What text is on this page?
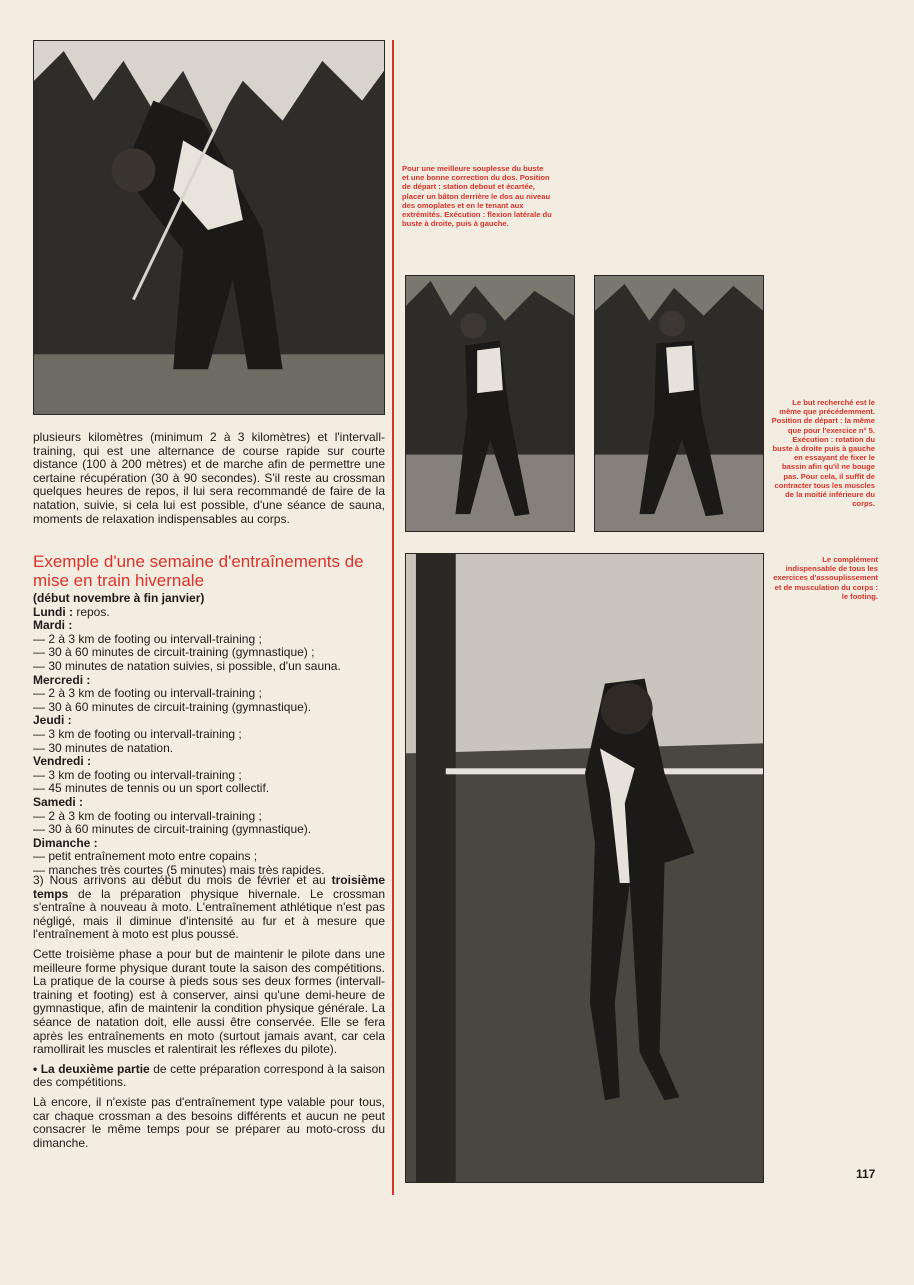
Pour une meilleure souplesse du buste et une bonne correction du dos. Position de départ : station debout et écartée, placer un bâton derrière le dos au niveau des omoplates et en le tenant aux extrémités. Exécution : flexion latérale du buste à droite, puis à gauche.
Le but recherché est le même que précédemment. Position de départ : la même que pour l'exercice n° 5. Exécution : rotation du buste à droite puis à gauche en essayant de fixer le bassin afin qu'il ne bouge pas. Pour cela, il suffit de contracter tous les muscles de la moitié inférieure du corps.
Le complément indispensable de tous les exercices d'assouplissement et de musculation du corps : le footing.
plusieurs kilomètres (minimum 2 à 3 kilomètres) et l'intervall-training, qui est une alternance de course rapide sur courte distance (100 à 200 mètres) et de marche afin de permettre une certaine récupération (30 à 90 secondes). S'il reste au crossman quelques heures de repos, il lui sera recommandé de faire de la natation, suivie, si cela lui est possible, d'une séance de sauna, moments de relaxation indispensables au corps.
Exemple d'une semaine d'entraînements de mise en train hivernale

(début novembre à fin janvier)

Lundi : repos.

Mardi :

— 2 à 3 km de footing ou intervall-training ;

— 30 à 60 minutes de circuit-training (gymnastique) ;

— 30 minutes de natation suivies, si possible, d'un sauna.

Mercredi :

— 2 à 3 km de footing ou intervall-training ;

— 30 à 60 minutes de circuit-training (gymnastique).

Jeudi :

— 3 km de footing ou intervall-training ;

— 30 minutes de natation.

Vendredi :

— 3 km de footing ou intervall-training ;

— 45 minutes de tennis ou un sport collectif.

Samedi :

— 2 à 3 km de footing ou intervall-training ;

— 30 à 60 minutes de circuit-training (gymnastique).

Dimanche :

— petit entraînement moto entre copains ;

— manches très courtes (5 minutes) mais très rapides.

3) Nous arrivons au début du mois de février et au troisième temps de la préparation physique hivernale. Le crossman s'entraîne à nouveau à moto. L'entraînement athlétique n'est pas négligé, mais il diminue d'intensité au fur et à mesure que l'entraînement à moto est plus poussé.

Cette troisième phase a pour but de maintenir le pilote dans une meilleure forme physique durant toute la saison des compétitions. La pratique de la course à pieds sous ses deux formes (intervall-training et footing) est à conserver, ainsi qu'une demi-heure de gymnastique, afin de maintenir la condition physique générale. La séance de natation doit, elle aussi être conservée. Elle se fera après les entraînements en moto (surtout jamais avant, car cela ramollirait les muscles et ralentirait les réflexes du pilote).

• La deuxième partie de cette préparation correspond à la saison des compétitions.

Là encore, il n'existe pas d'entraînement type valable pour tous, car chaque crossman a des besoins différents et aucun ne peut consacrer le même temps pour se préparer au moto-cross du dimanche.

117
